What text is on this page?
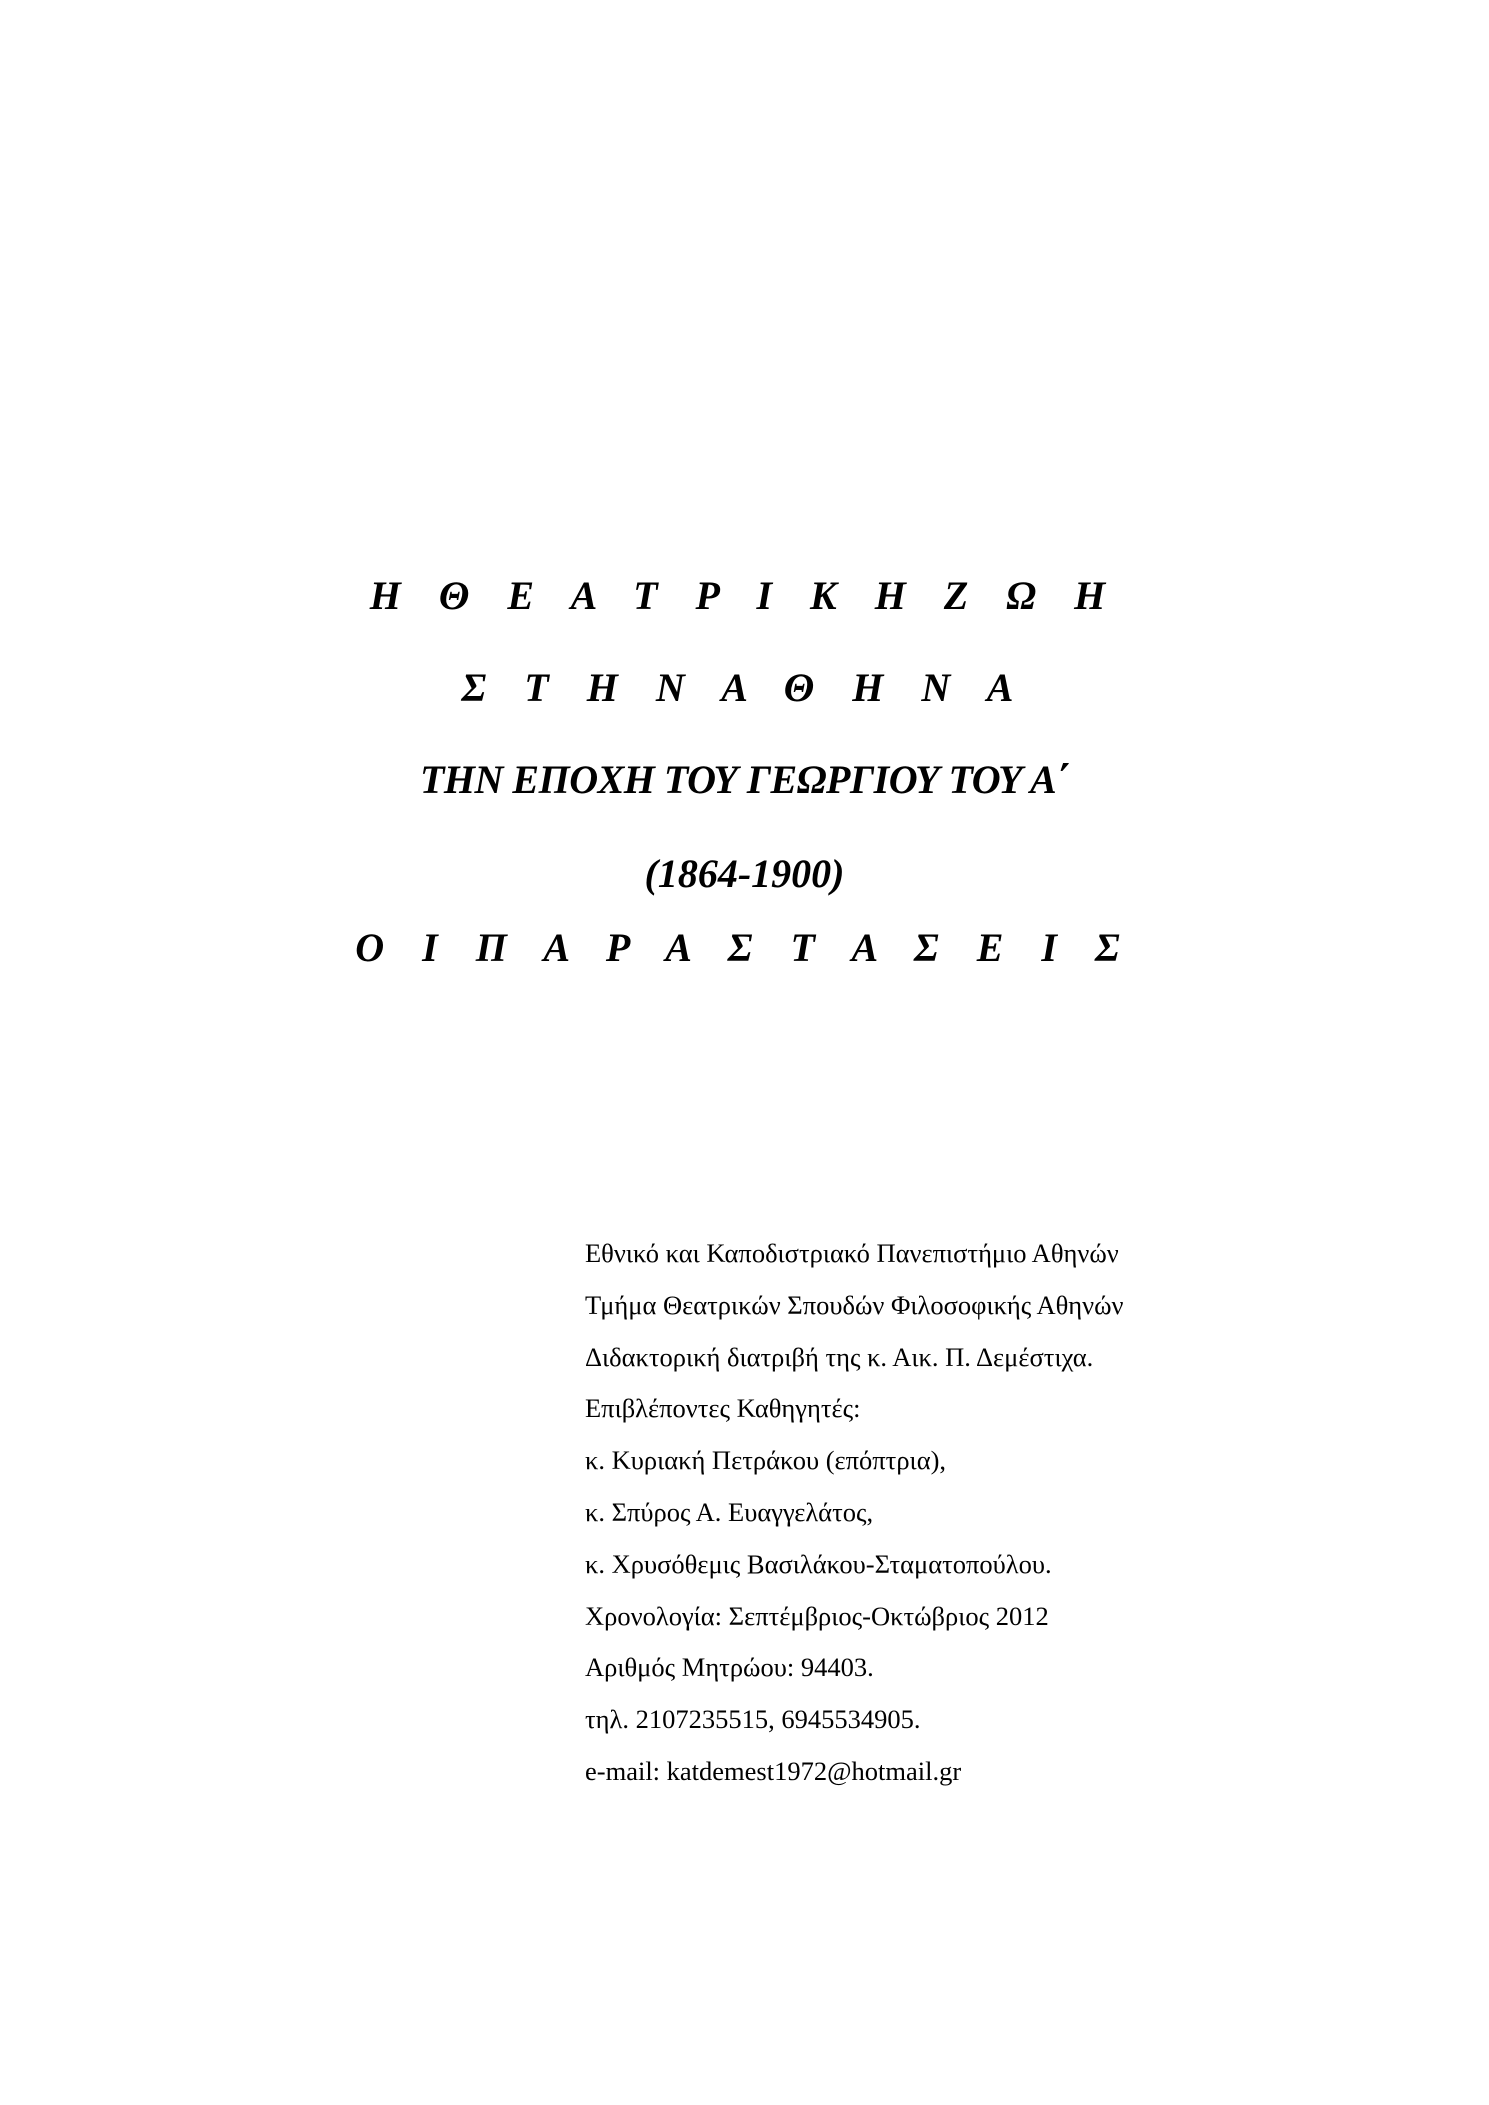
Η Θ Ε Α Τ Ρ Ι Κ Η Ζ Ω Η
Σ Τ Η Ν Α Θ Η Ν Α
ΤΗΝ ΕΠΟΧΗ ΤΟΥ ΓΕΩΡΓΙΟΥ ΤΟΥ Α΄
(1864-1900)
Ο Ι Π Α Ρ Α Σ Τ Α Σ Ε Ι Σ
Εθνικό και Καποδιστριακό Πανεπιστήμιο Αθηνών
Τμήμα Θεατρικών Σπουδών Φιλοσοφικής Αθηνών
Διδακτορική διατριβή της κ. Αικ. Π. Δεμέστιχα.
Επιβλέποντες Καθηγητές:
κ. Κυριακή Πετράκου (επόπτρια),
κ. Σπύρος Α. Ευαγγελάτος,
κ. Χρυσόθεμις Βασιλάκου-Σταματοπούλου.
Χρονολογία: Σεπτέμβριος-Οκτώβριος 2012
Αριθμός Μητρώου: 94403.
τηλ. 2107235515, 6945534905.
e-mail: katdemest1972@hotmail.gr
